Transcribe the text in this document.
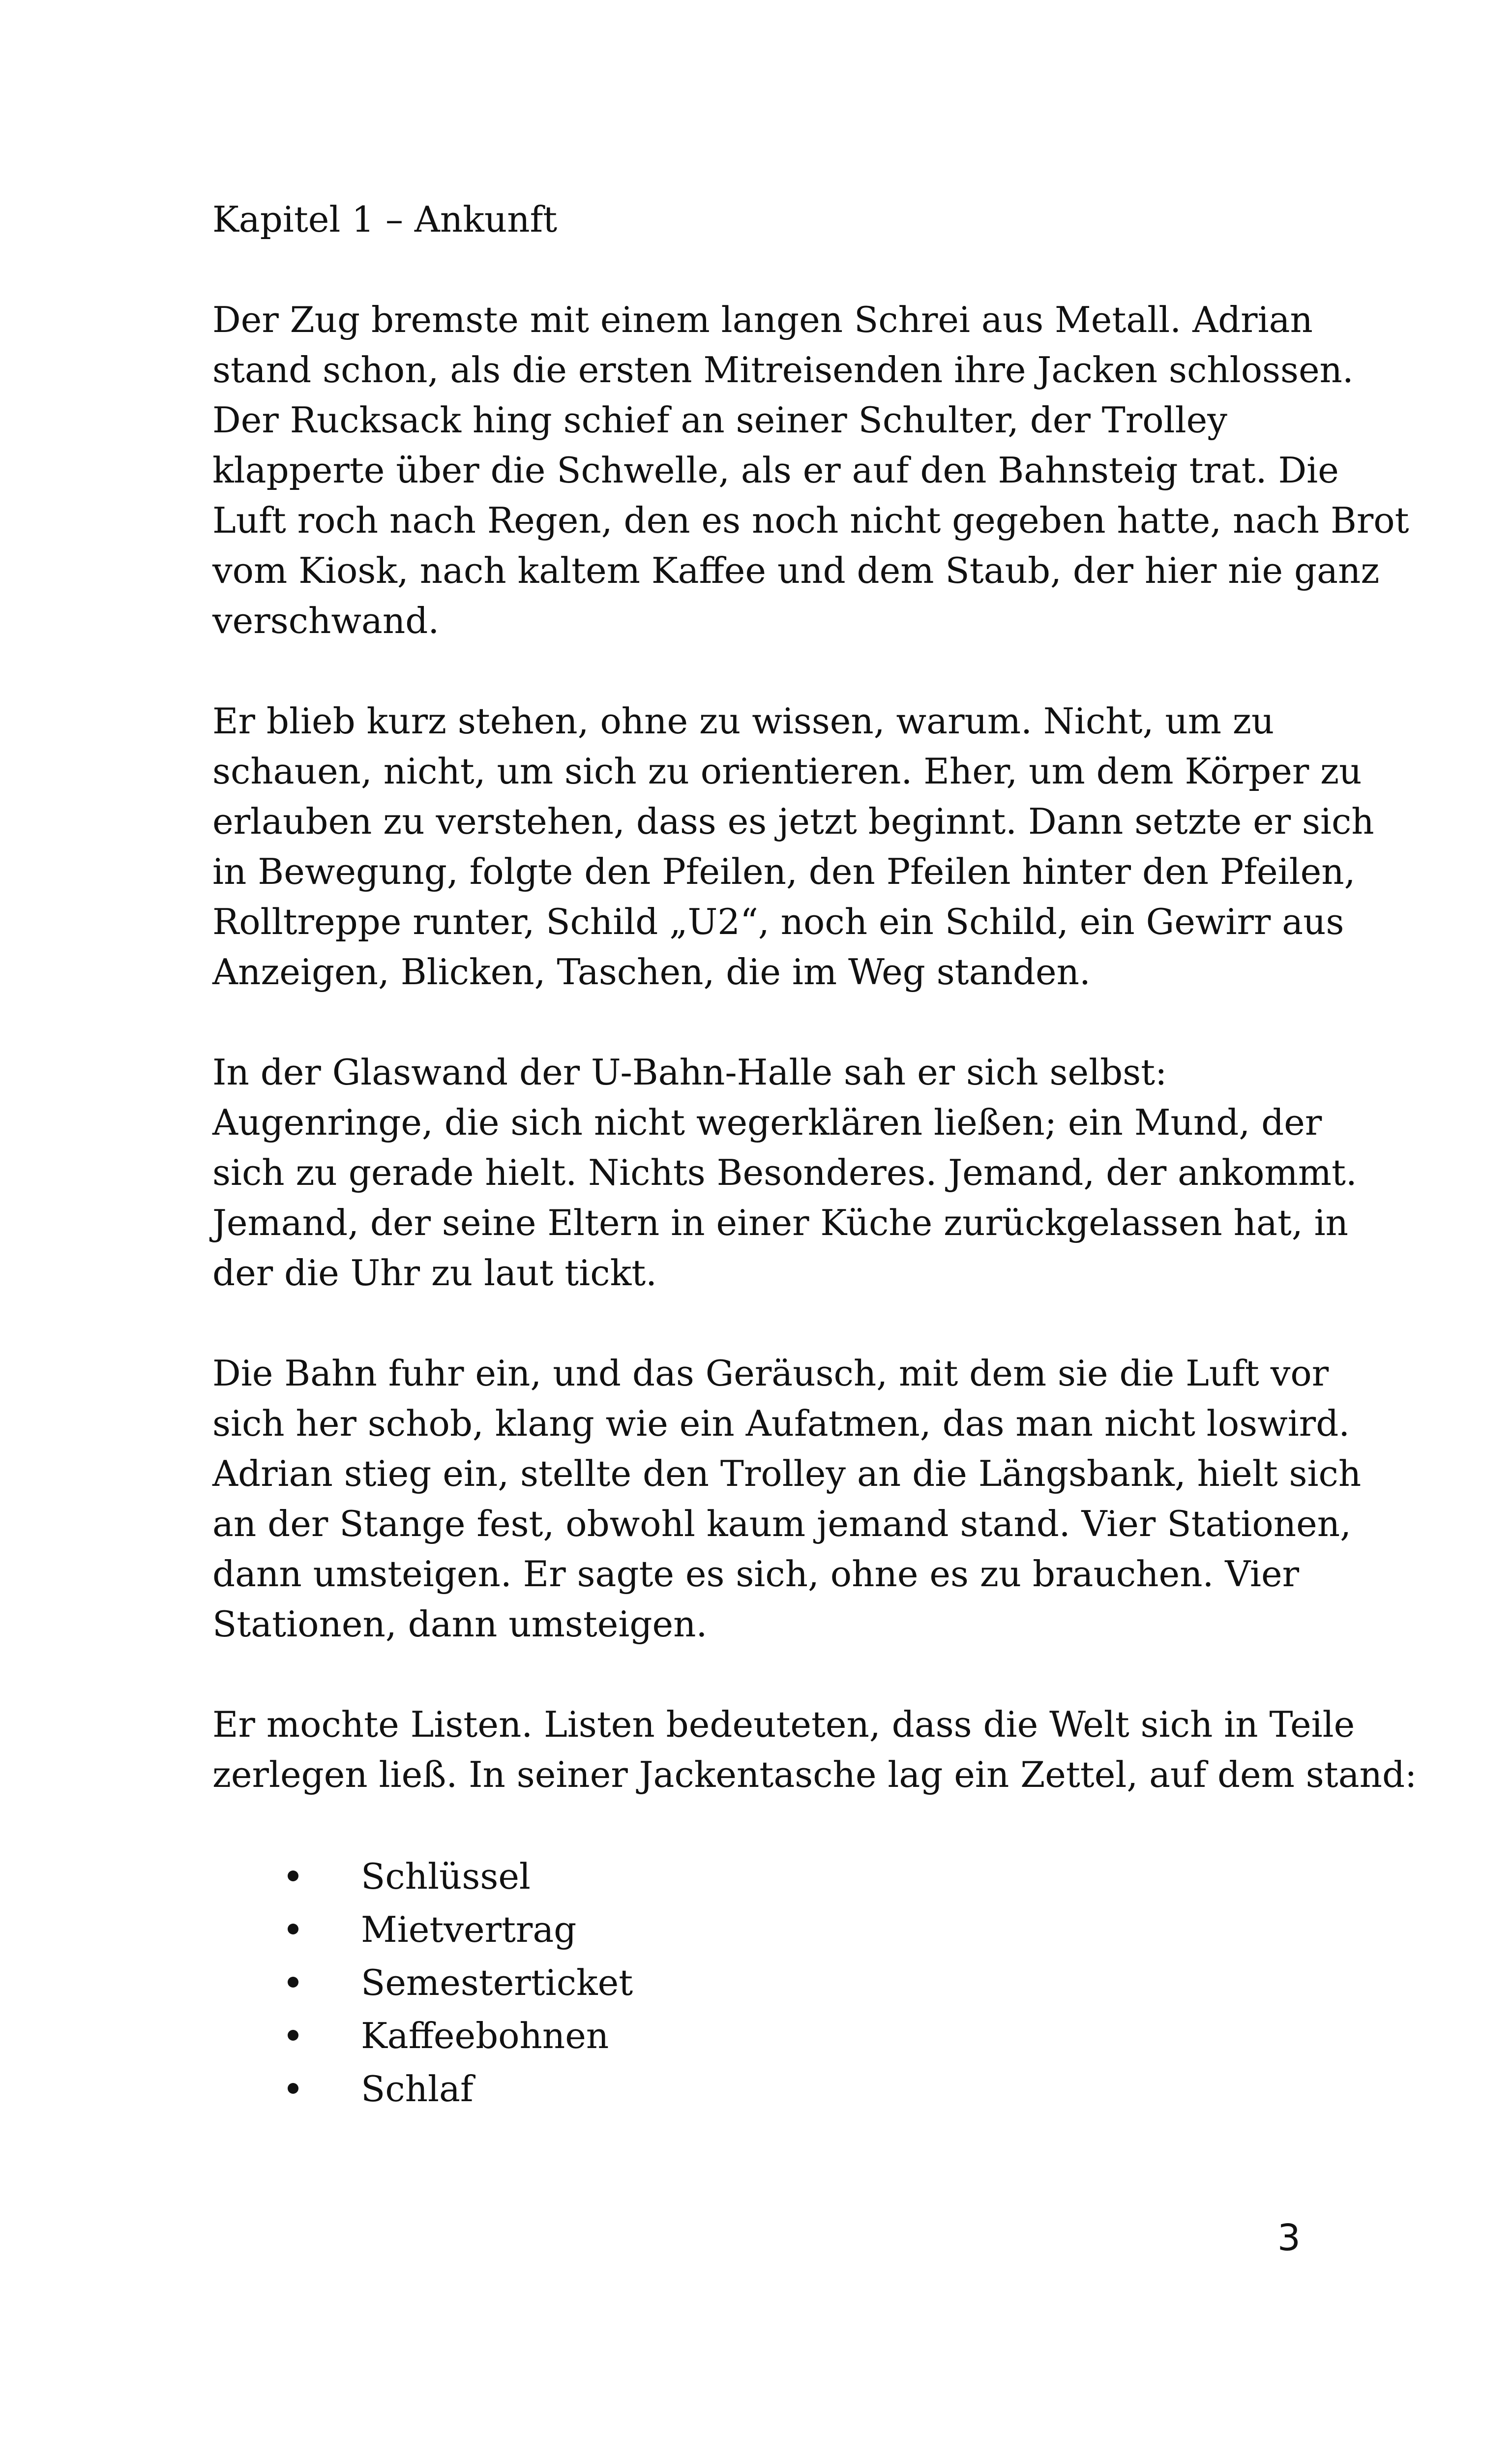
Kapitel 1 – Ankunft

Der Zug bremste mit einem langen Schrei aus Metall. Adrian
stand schon, als die ersten Mitreisenden ihre Jacken schlossen.
Der Rucksack hing schief an seiner Schulter, der Trolley
klapperte über die Schwelle, als er auf den Bahnsteig trat. Die
Luft roch nach Regen, den es noch nicht gegeben hatte, nach Brot
vom Kiosk, nach kaltem Kaffee und dem Staub, der hier nie ganz
verschwand.

Er blieb kurz stehen, ohne zu wissen, warum. Nicht, um zu
schauen, nicht, um sich zu orientieren. Eher, um dem Körper zu
erlauben zu verstehen, dass es jetzt beginnt. Dann setzte er sich
in Bewegung, folgte den Pfeilen, den Pfeilen hinter den Pfeilen,
Rolltreppe runter, Schild „U2“, noch ein Schild, ein Gewirr aus
Anzeigen, Blicken, Taschen, die im Weg standen.

In der Glaswand der U-Bahn-Halle sah er sich selbst:
Augenringe, die sich nicht wegerklären ließen; ein Mund, der
sich zu gerade hielt. Nichts Besonderes. Jemand, der ankommt.
Jemand, der seine Eltern in einer Küche zurückgelassen hat, in
der die Uhr zu laut tickt.

Die Bahn fuhr ein, und das Geräusch, mit dem sie die Luft vor
sich her schob, klang wie ein Aufatmen, das man nicht loswird.
Adrian stieg ein, stellte den Trolley an die Längsbank, hielt sich
an der Stange fest, obwohl kaum jemand stand. Vier Stationen,
dann umsteigen. Er sagte es sich, ohne es zu brauchen. Vier
Stationen, dann umsteigen.

Er mochte Listen. Listen bedeuteten, dass die Welt sich in Teile
zerlegen ließ. In seiner Jackentasche lag ein Zettel, auf dem stand:

Schlüssel
Mietvertrag
Semesterticket
Kaffeebohnen
Schlaf
3
